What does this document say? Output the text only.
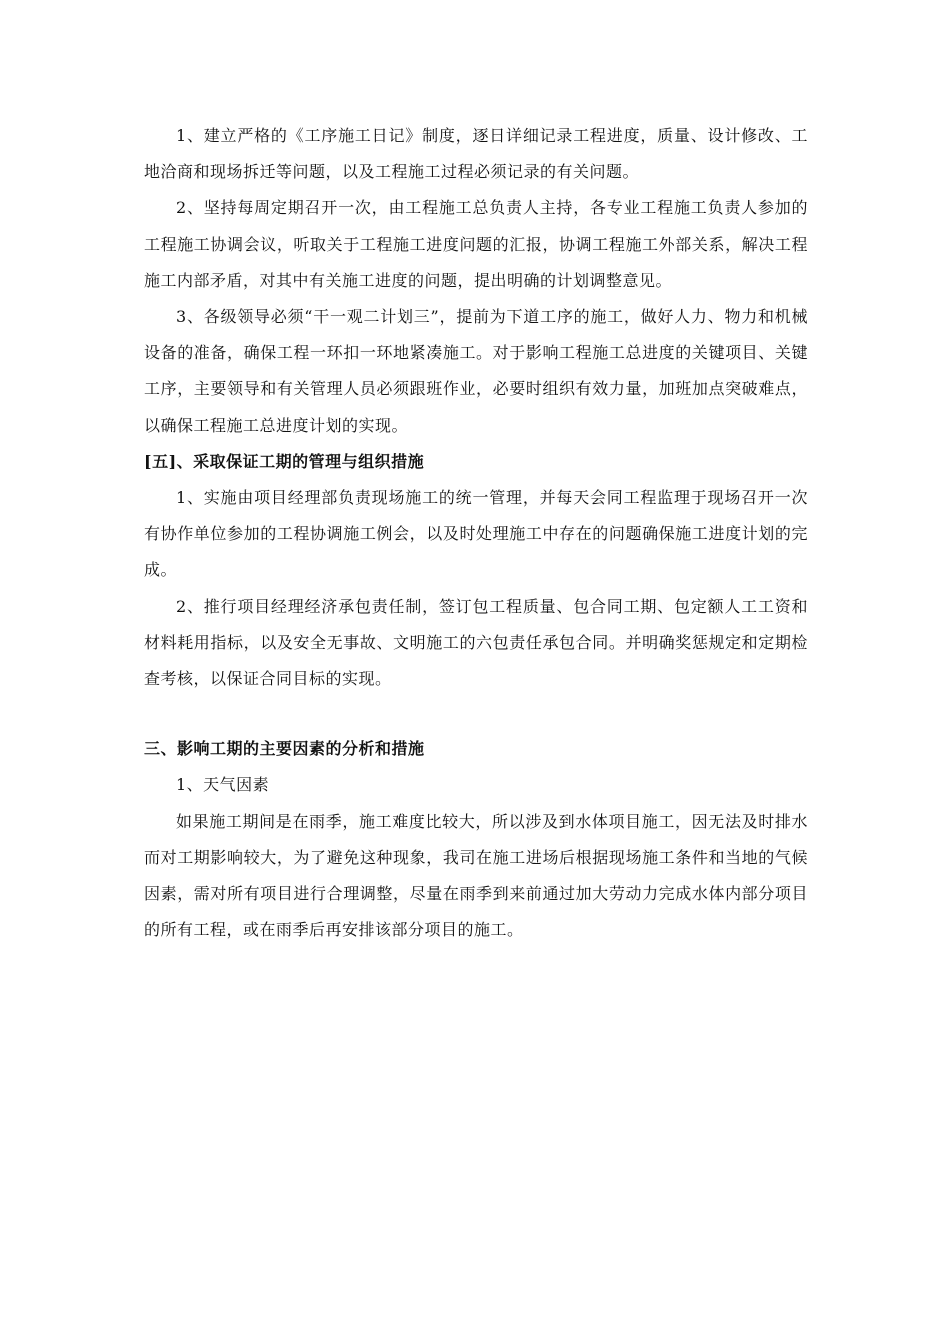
1、建立严格的《工序施工日记》制度，逐日详细记录工程进度，质量、设计修改、工地洽商和现场拆迁等问题，以及工程施工过程必须记录的有关问题。

2、坚持每周定期召开一次，由工程施工总负责人主持，各专业工程施工负责人参加的工程施工协调会议，听取关于工程施工进度问题的汇报，协调工程施工外部关系，解决工程施工内部矛盾，对其中有关施工进度的问题，提出明确的计划调整意见。

3、各级领导必须“干一观二计划三”，提前为下道工序的施工，做好人力、物力和机械设备的准备，确保工程一环扣一环地紧凑施工。对于影响工程施工总进度的关键项目、关键工序，主要领导和有关管理人员必须跟班作业，必要时组织有效力量，加班加点突破难点，以确保工程施工总进度计划的实现。

[五]、采取保证工期的管理与组织措施

1、实施由项目经理部负责现场施工的统一管理，并每天会同工程监理于现场召开一次有协作单位参加的工程协调施工例会，以及时处理施工中存在的问题确保施工进度计划的完成。

2、推行项目经理经济承包责任制，签订包工程质量、包合同工期、包定额人工工资和材料耗用指标，以及安全无事故、文明施工的六包责任承包合同。并明确奖惩规定和定期检查考核，以保证合同目标的实现。

三、影响工期的主要因素的分析和措施

1、天气因素

如果施工期间是在雨季，施工难度比较大，所以涉及到水体项目施工，因无法及时排水而对工期影响较大，为了避免这种现象，我司在施工进场后根据现场施工条件和当地的气候因素，需对所有项目进行合理调整，尽量在雨季到来前通过加大劳动力完成水体内部分项目的所有工程，或在雨季后再安排该部分项目的施工。
